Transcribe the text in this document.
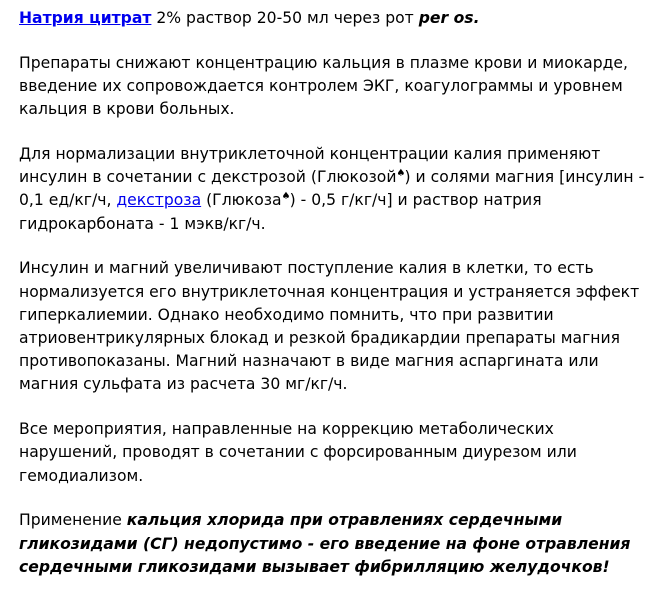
Натрия цитрат 2% раствор 20-50 мл через рот per os.

Препараты снижают концентрацию кальция в плазме крови и миокарде, введение их сопровождается контролем ЭКГ, коагулограммы и уровнем кальция в крови больных.

Для нормализации внутриклеточной концентрации калия применяют инсулин в сочетании с декстрозой (Глюкозой♠) и солями магния [инсулин - 0,1 ед/кг/ч, декстроза (Глюкоза♠) - 0,5 г/кг/ч] и раствор натрия гидрокарбоната - 1 мэкв/кг/ч.

Инсулин и магний увеличивают поступление калия в клетки, то есть нормализуется его внутриклеточная концентрация и устраняется эффект гиперкалиемии. Однако необходимо помнить, что при развитии атриовентрикулярных блокад и резкой брадикардии препараты магния противопоказаны. Магний назначают в виде магния аспаргината или магния сульфата из расчета 30 мг/кг/ч.

Все мероприятия, направленные на коррекцию метаболических нарушений, проводят в сочетании с форсированным диурезом или гемодиализом.

Применение кальция хлорида при отравлениях сердечными гликозидами (СГ) недопустимо - его введение на фоне отравления сердечными гликозидами вызывает фибрилляцию желудочков!
